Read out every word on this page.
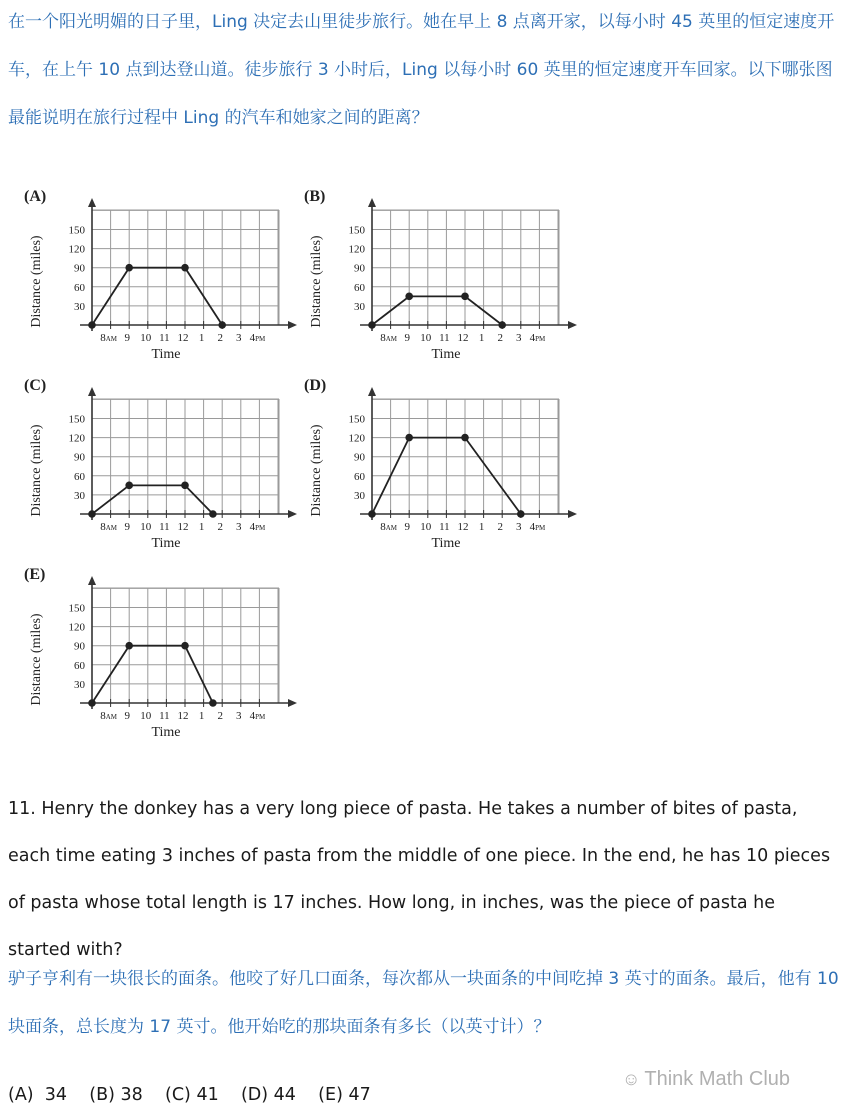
在一个阳光明媚的日子里，Ling 决定去山里徒步旅行。她在早上 8 点离开家，以每小时 45 英里的恒定速度开车，在上午 10 点到达登山道。徒步旅行 3 小时后，Ling 以每小时 60 英里的恒定速度开车回家。以下哪张图最能说明在旅行过程中 Ling 的汽车和她家之间的距离？

(A)
30
60
90
120
150
8AM 9 10 11 12 1 2 3 4PM
Time
Distance (miles)
(B)
30
60
90
120
150
8AM 9 10 11 12 1 2 3 4PM
Time
Distance (miles)
(C)
30
60
90
120
150
8AM 9 10 11 12 1 2 3 4PM
Time
Distance (miles)
(D)
30
60
90
120
150
8AM 9 10 11 12 1 2 3 4PM
Time
Distance (miles)
(E)
30
60
90
120
150
8AM 9 10 11 12 1 2 3 4PM
Time
Distance (miles)

11. Henry the donkey has a very long piece of pasta. He takes a number of bites of pasta, each time eating 3 inches of pasta from the middle of one piece. In the end, he has 10 pieces of pasta whose total length is 17 inches. How long, in inches, was the piece of pasta he started with?

驴子亨利有一块很长的面条。他咬了好几口面条，每次都从一块面条的中间吃掉 3 英寸的面条。最后，他有 10 块面条，总长度为 17 英寸。他开始吃的那块面条有多长（以英寸计）？

(A)  34    (B) 38    (C) 41    (D) 44    (E) 47

☺︎ Think Math Club
